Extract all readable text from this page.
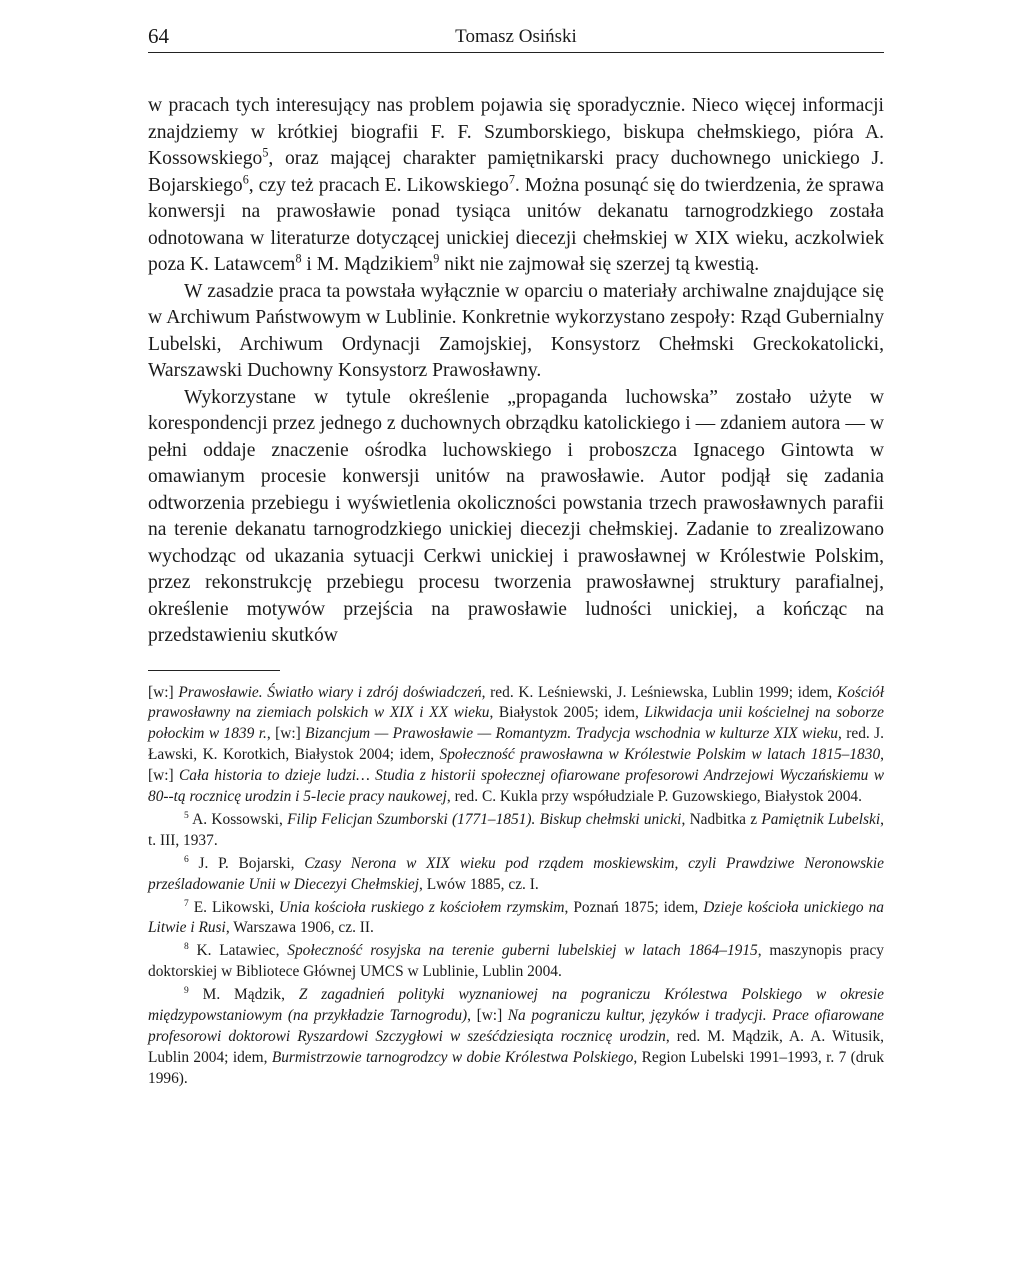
64	Tomasz Osiński

w pracach tych interesujący nas problem pojawia się sporadycznie. Nieco więcej informacji znajdziemy w krótkiej biografii F. F. Szumborskiego, biskupa chełmskiego, pióra A. Kossowskiego$^5$, oraz mającej charakter pamiętnikarski pracy duchownego unickiego J. Bojarskiego$^6$, czy też pracach E. Likowskiego$^7$. Można posunąć się do twierdzenia, że sprawa konwersji na prawosławie ponad tysiąca unitów dekanatu tarnogrodzkiego została odnotowana w literaturze dotyczącej unickiej diecezji chełmskiej w XIX wieku, aczkolwiek poza K. Latawcem$^8$ i M. Mądzikiem$^9$ nikt nie zajmował się szerzej tą kwestią.

W zasadzie praca ta powstała wyłącznie w oparciu o materiały archiwalne znajdujące się w Archiwum Państwowym w Lublinie. Konkretnie wykorzystano zespoły: Rząd Gubernialny Lubelski, Archiwum Ordynacji Zamojskiej, Konsystorz Chełmski Greckokatolicki, Warszawski Duchowny Konsystorz Prawosławny.

Wykorzystane w tytule określenie „propaganda luchowska” zostało użyte w korespondencji przez jednego z duchownych obrządku katolickiego i — zdaniem autora — w pełni oddaje znaczenie ośrodka luchowskiego i proboszcza Ignacego Gintowta w omawianym procesie konwersji unitów na prawosławie. Autor podjął się zadania odtworzenia przebiegu i wyświetlenia okoliczności powstania trzech prawosławnych parafii na terenie dekanatu tarnogrodzkiego unickiej diecezji chełmskiej. Zadanie to zrealizowano wychodząc od ukazania sytuacji Cerkwi unickiej i prawosławnej w Królestwie Polskim, przez rekonstrukcję przebiegu procesu tworzenia prawosławnej struktury parafialnej, określenie motywów przejścia na prawosławie ludności unickiej, a kończąc na przedstawieniu skutków

[w:] Prawosławie. Światło wiary i zdrój doświadczeń, red. K. Leśniewski, J. Leśniewska, Lublin 1999; idem, Kościół prawosławny na ziemiach polskich w XIX i XX wieku, Białystok 2005; idem, Likwidacja unii kościelnej na soborze połockim w 1839 r., [w:] Bizancjum — Prawosławie — Romantyzm. Tradycja wschodnia w kulturze XIX wieku, red. J. Ławski, K. Korotkich, Białystok 2004; idem, Społeczność prawosławna w Królestwie Polskim w latach 1815–1830, [w:] Cała historia to dzieje ludzi… Studia z historii społecznej ofiarowane profesorowi Andrzejowi Wyczańskiemu w 80--tą rocznicę urodzin i 5-lecie pracy naukowej, red. C. Kukla przy współudziale P. Guzowskiego, Białystok 2004.

$^5$ A. Kossowski, Filip Felicjan Szumborski (1771–1851). Biskup chełmski unicki, Nadbitka z Pamiętnik Lubelski, t. III, 1937.

$^6$ J. P. Bojarski, Czasy Nerona w XIX wieku pod rządem moskiewskim, czyli Prawdziwe Neronowskie prześladowanie Unii w Diecezyi Chełmskiej, Lwów 1885, cz. I.

$^7$ E. Likowski, Unia kościoła ruskiego z kościołem rzymskim, Poznań 1875; idem, Dzieje kościoła unickiego na Litwie i Rusi, Warszawa 1906, cz. II.

$^8$ K. Latawiec, Społeczność rosyjska na terenie guberni lubelskiej w latach 1864–1915, maszynopis pracy doktorskiej w Bibliotece Głównej UMCS w Lublinie, Lublin 2004.

$^9$ M. Mądzik, Z zagadnień polityki wyznaniowej na pograniczu Królestwa Polskiego w okresie międzypowstaniowym (na przykładzie Tarnogrodu), [w:] Na pograniczu kultur, języków i tradycji. Prace ofiarowane profesorowi doktorowi Ryszardowi Szczygłowi w sześćdziesiąta rocznicę urodzin, red. M. Mądzik, A. A. Witusik, Lublin 2004; idem, Burmistrzowie tarnogrodzcy w dobie Królestwa Polskiego, Region Lubelski 1991–1993, r. 7 (druk 1996).
